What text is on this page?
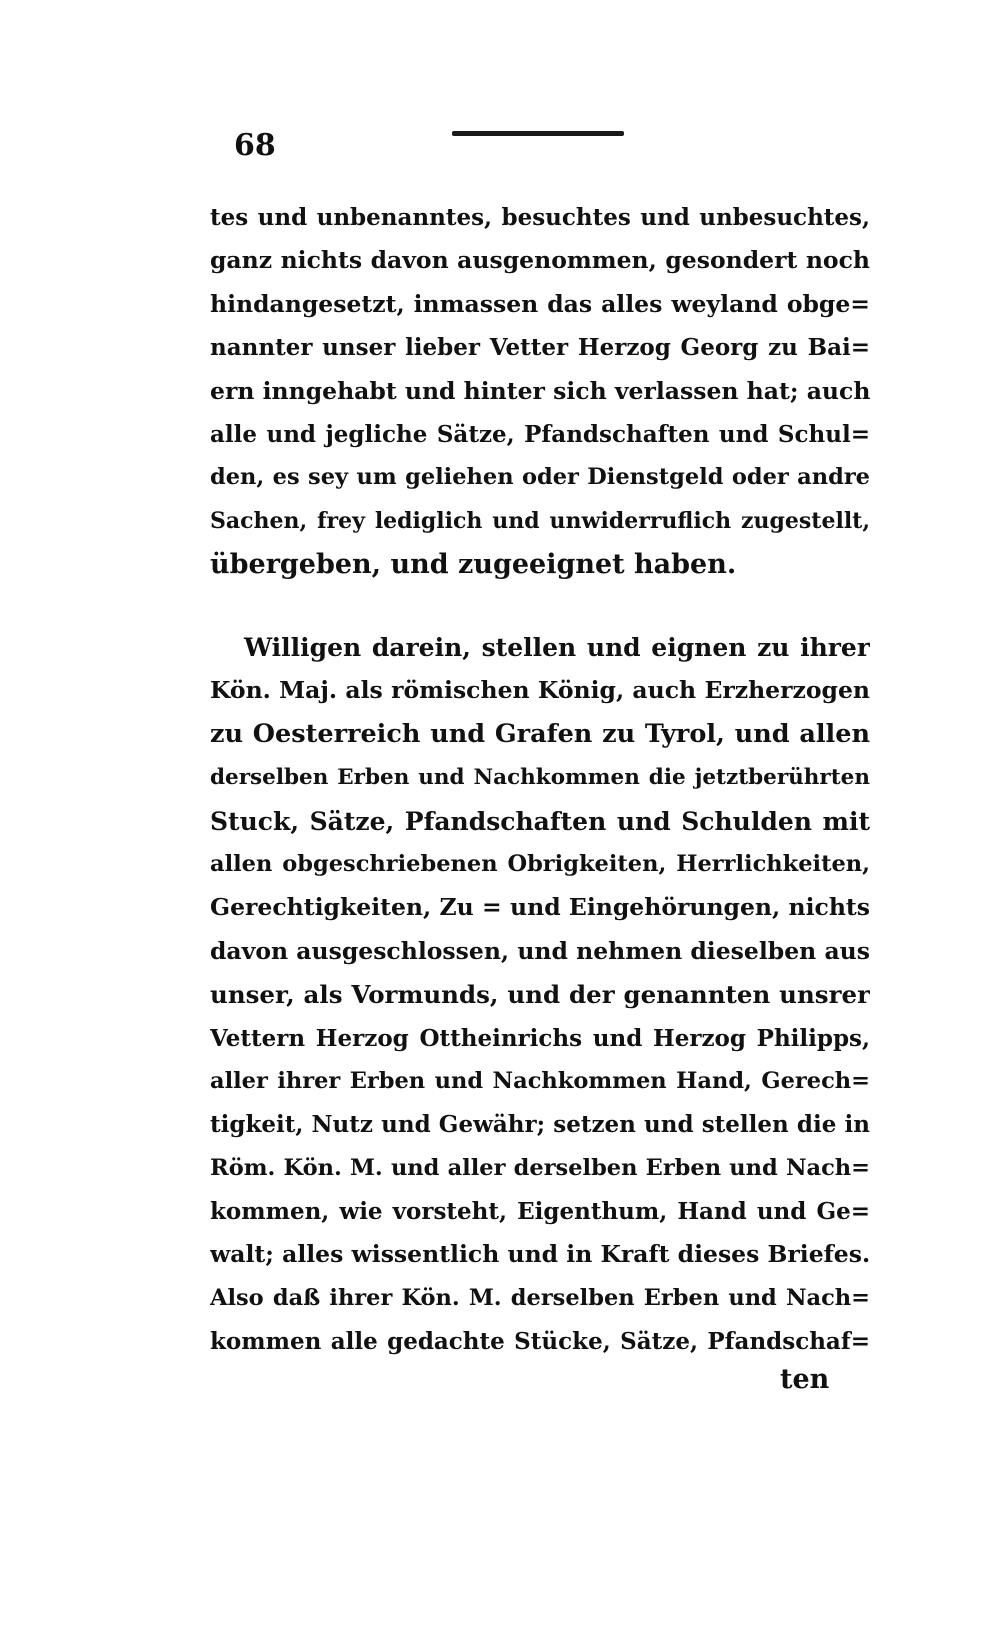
68
tes und unbenanntes, besuchtes und unbesuchtes,
ganz nichts davon ausgenommen, gesondert noch
hindangesetzt, inmassen das alles weyland obge=
nannter unser lieber Vetter Herzog Georg zu Bai=
ern inngehabt und hinter sich verlassen hat; auch
alle und jegliche Sätze, Pfandschaften und Schul=
den, es sey um geliehen oder Dienstgeld oder andre
Sachen, frey lediglich und unwiderruflich zugestellt,
übergeben, und zugeeignet haben.
Willigen darein, stellen und eignen zu ihrer
Kön. Maj. als römischen König, auch Erzherzogen
zu Oesterreich und Grafen zu Tyrol, und allen
derselben Erben und Nachkommen die jetztberührten
Stuck, Sätze, Pfandschaften und Schulden mit
allen obgeschriebenen Obrigkeiten, Herrlichkeiten,
Gerechtigkeiten, Zu = und Eingehörungen, nichts
davon ausgeschlossen, und nehmen dieselben aus
unser, als Vormunds, und der genannten unsrer
Vettern Herzog Ottheinrichs und Herzog Philipps,
aller ihrer Erben und Nachkommen Hand, Gerech=
tigkeit, Nutz und Gewähr; setzen und stellen die in
Röm. Kön. M. und aller derselben Erben und Nach=
kommen, wie vorsteht, Eigenthum, Hand und Ge=
walt; alles wissentlich und in Kraft dieses Briefes.
Also daß ihrer Kön. M. derselben Erben und Nach=
kommen alle gedachte Stücke, Sätze, Pfandschaf=
ten
